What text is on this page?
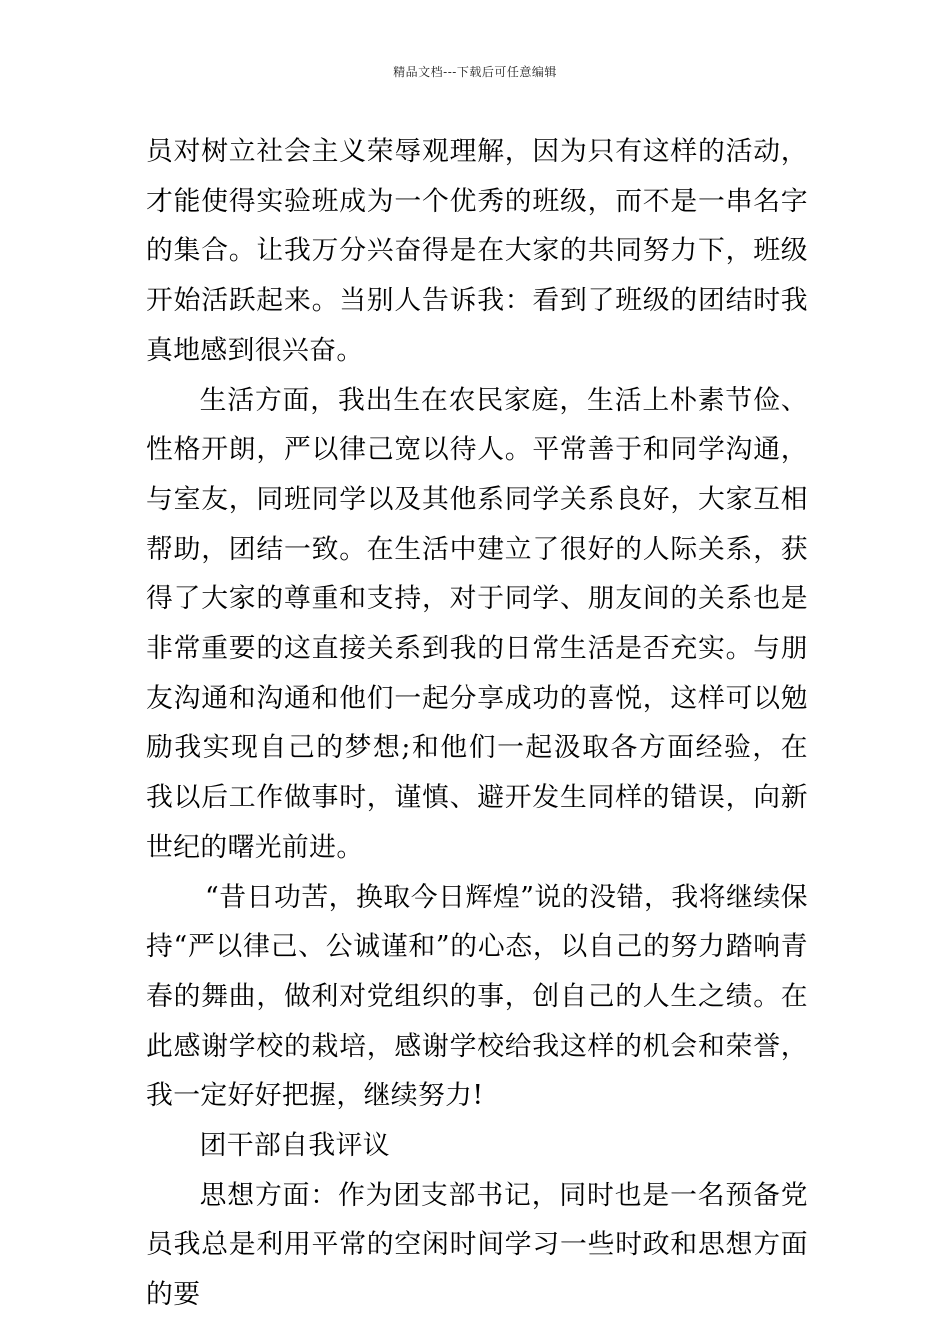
精品文档---下载后可任意编辑

员对树立社会主义荣辱观理解，因为只有这样的活动，才能使得实验班成为一个优秀的班级，而不是一串名字的集合。让我万分兴奋得是在大家的共同努力下，班级开始活跃起来。当别人告诉我：看到了班级的团结时我真地感到很兴奋。

生活方面，我出生在农民家庭，生活上朴素节俭、性格开朗，严以律己宽以待人。平常善于和同学沟通，与室友，同班同学以及其他系同学关系良好，大家互相帮助，团结一致。在生活中建立了很好的人际关系，获得了大家的尊重和支持，对于同学、朋友间的关系也是非常重要的这直接关系到我的日常生活是否充实。与朋友沟通和沟通和他们一起分享成功的喜悦，这样可以勉励我实现自己的梦想;和他们一起汲取各方面经验，在我以后工作做事时，谨慎、避开发生同样的错误，向新世纪的曙光前进。

“昔日功苦，换取今日辉煌”说的没错，我将继续保持“严以律己、公诚谨和”的心态，以自己的努力踏响青春的舞曲，做利对党组织的事，创自己的人生之绩。在此感谢学校的栽培，感谢学校给我这样的机会和荣誉，我一定好好把握，继续努力!

团干部自我评议

思想方面：作为团支部书记，同时也是一名预备党员我总是利用平常的空闲时间学习一些时政和思想方面的要
